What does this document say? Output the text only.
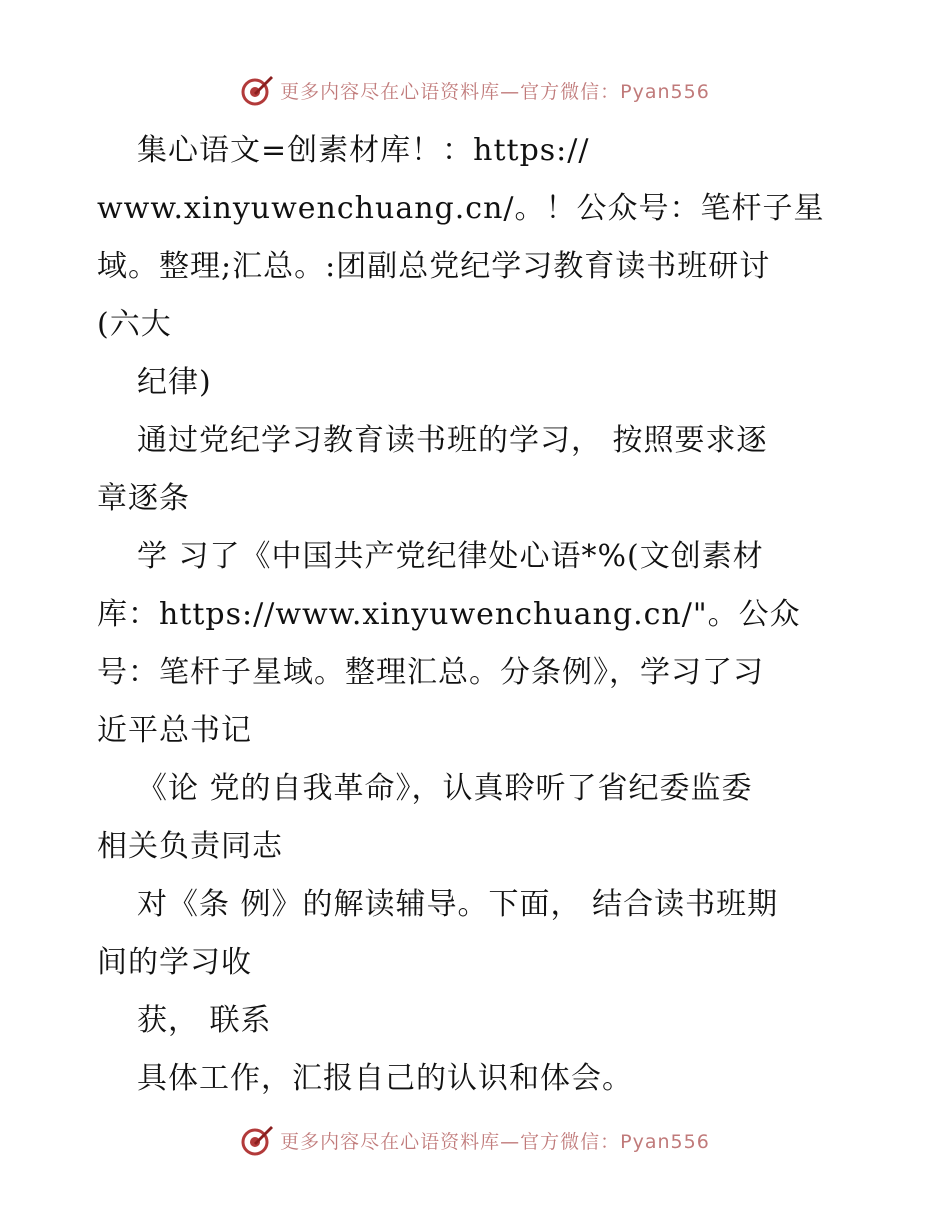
更多内容尽在心语资料库—官方微信：Pyan556
集心语文=创素材库！：https://
www.xinyuwenchuang.cn/。！公众号：笔杆子星
域。整理;汇总。:团副总党纪学习教育读书班研讨
(六大
纪律)
通过党纪学习教育读书班的学习， 按照要求逐
章逐条
学 习了《中国共产党纪律处心语*%(文创素材
库：https://www.xinyuwenchuang.cn/"。公众
号：笔杆子星域。整理汇总。分条例》，学习了习
近平总书记
《论 党的自我革命》，认真聆听了省纪委监委
相关负责同志
对《条 例》的解读辅导。下面， 结合读书班期
间的学习收
获， 联系
具体工作，汇报自己的认识和体会。
更多内容尽在心语资料库—官方微信：Pyan556
